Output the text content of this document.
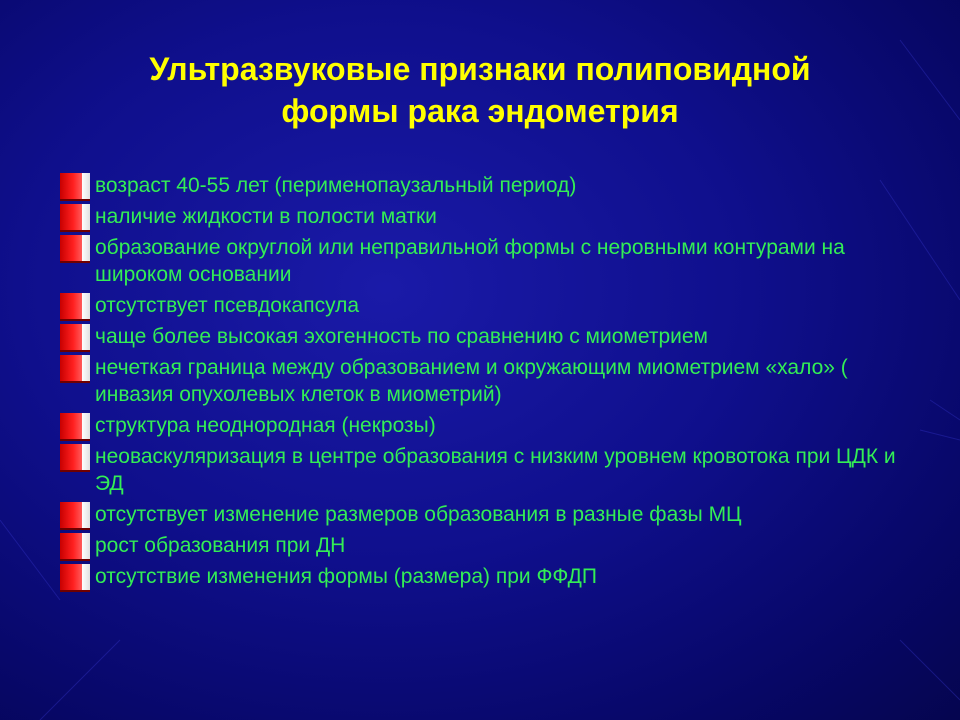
Ультразвуковые признаки полиповидной
формы рака эндометрия
возраст 40-55 лет (перименопаузальный период)
наличие жидкости в полости матки
образование округлой или неправильной формы с неровными контурами на широком основании
отсутствует псевдокапсула
чаще более высокая эхогенность по сравнению с миометрием
нечеткая граница между образованием и окружающим миометрием «хало» ( инвазия опухолевых клеток в миометрий)
структура неоднородная (некрозы)
неоваскуляризация в центре образования с низким уровнем кровотока при ЦДК и ЭД
отсутствует изменение размеров образования в разные фазы МЦ
рост образования при ДН
отсутствие изменения формы (размера) при ФФДП
